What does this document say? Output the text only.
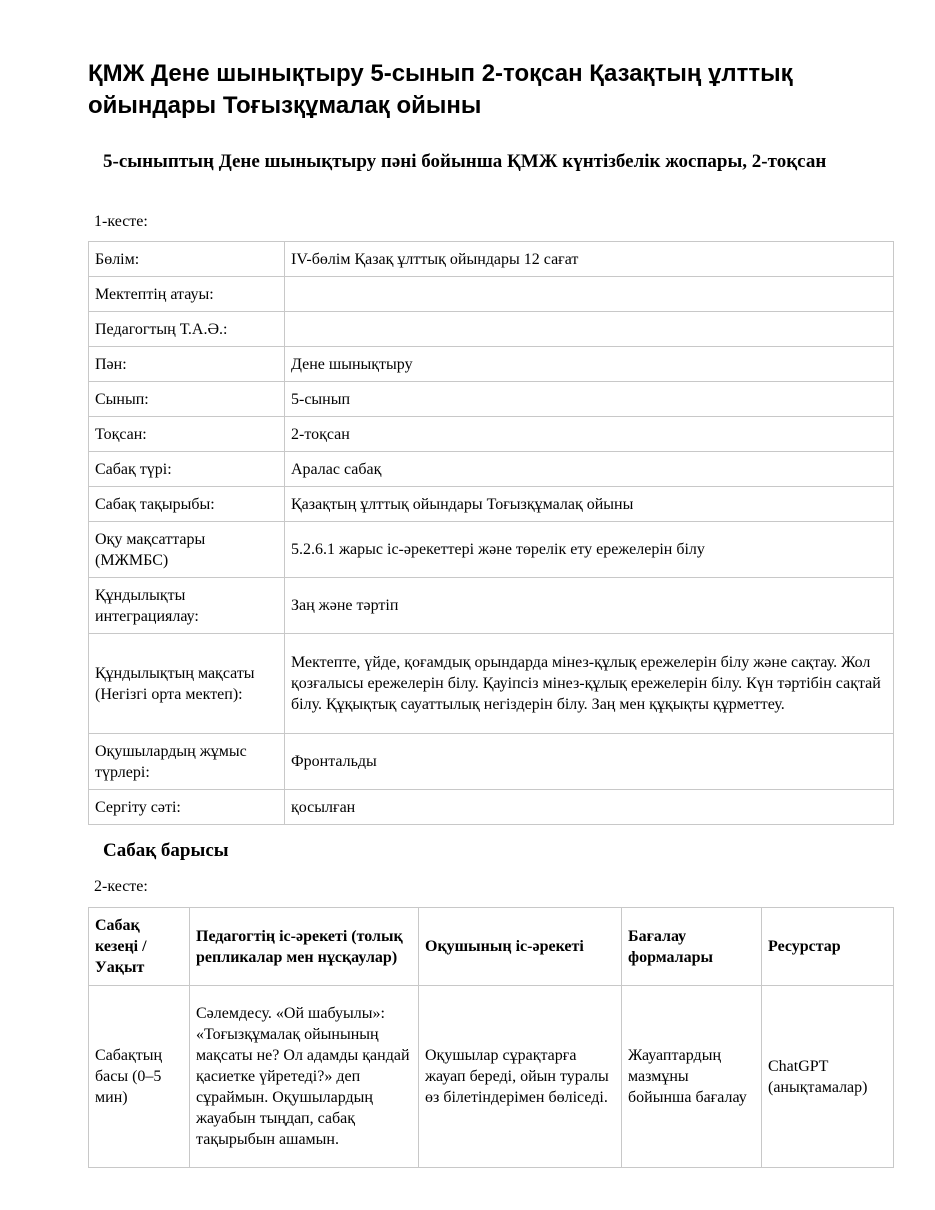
ҚМЖ Дене шынықтыру 5-сынып 2-тоқсан Қазақтың ұлттық ойындары Тоғызқұмалақ ойыны
5-сыныптың Дене шынықтыру пәні бойынша ҚМЖ күнтізбелік жоспары, 2-тоқсан
1-кесте:
Бөлім:	IV-бөлім Қазақ ұлттық ойындары 12 сағат
Мектептің атауы:	
Педагогтың Т.А.Ә.:	
Пән:	Дене шынықтыру
Сынып:	5-сынып
Тоқсан:	2-тоқсан
Сабақ түрі:	Аралас сабақ
Сабақ тақырыбы:	Қазақтың ұлттық ойындары Тоғызқұмалақ ойыны
Оқу мақсаттары (МЖМБС)	5.2.6.1 жарыс іс-әрекеттері және төрелік ету ережелерін білу
Құндылықты интеграциялау:	Заң және тәртіп
Құндылықтың мақсаты (Негізгі орта мектеп):	Мектепте, үйде, қоғамдық орындарда мінез-құлық ережелерін білу және сақтау. Жол қозғалысы ережелерін білу. Қауіпсіз мінез-құлық ережелерін білу. Күн тәртібін сақтай білу. Құқықтық сауаттылық негіздерін білу. Заң мен құқықты құрметтеу.
Оқушылардың жұмыс түрлері:	Фронтальды
Сергіту сәті:	қосылған
Сабақ барысы
2-кесте:
Сабақ кезеңі / Уақыт	Педагогтің іс-әрекеті (толық репликалар мен нұсқаулар)	Оқушының іс-әрекеті	Бағалау формалары	Ресурстар
Сабақтың басы (0–5 мин)	Сәлемдесу. «Ой шабуылы»: «Тоғызқұмалақ ойынының мақсаты не? Ол адамды қандай қасиетке үйретеді?» деп сұраймын. Оқушылардың жауабын тыңдап, сабақ тақырыбын ашамын.	Оқушылар сұрақтарға жауап береді, ойын туралы өз білетіндерімен бөліседі.	Жауаптардың мазмұны бойынша бағалау	ChatGPT (анықтамалар)
